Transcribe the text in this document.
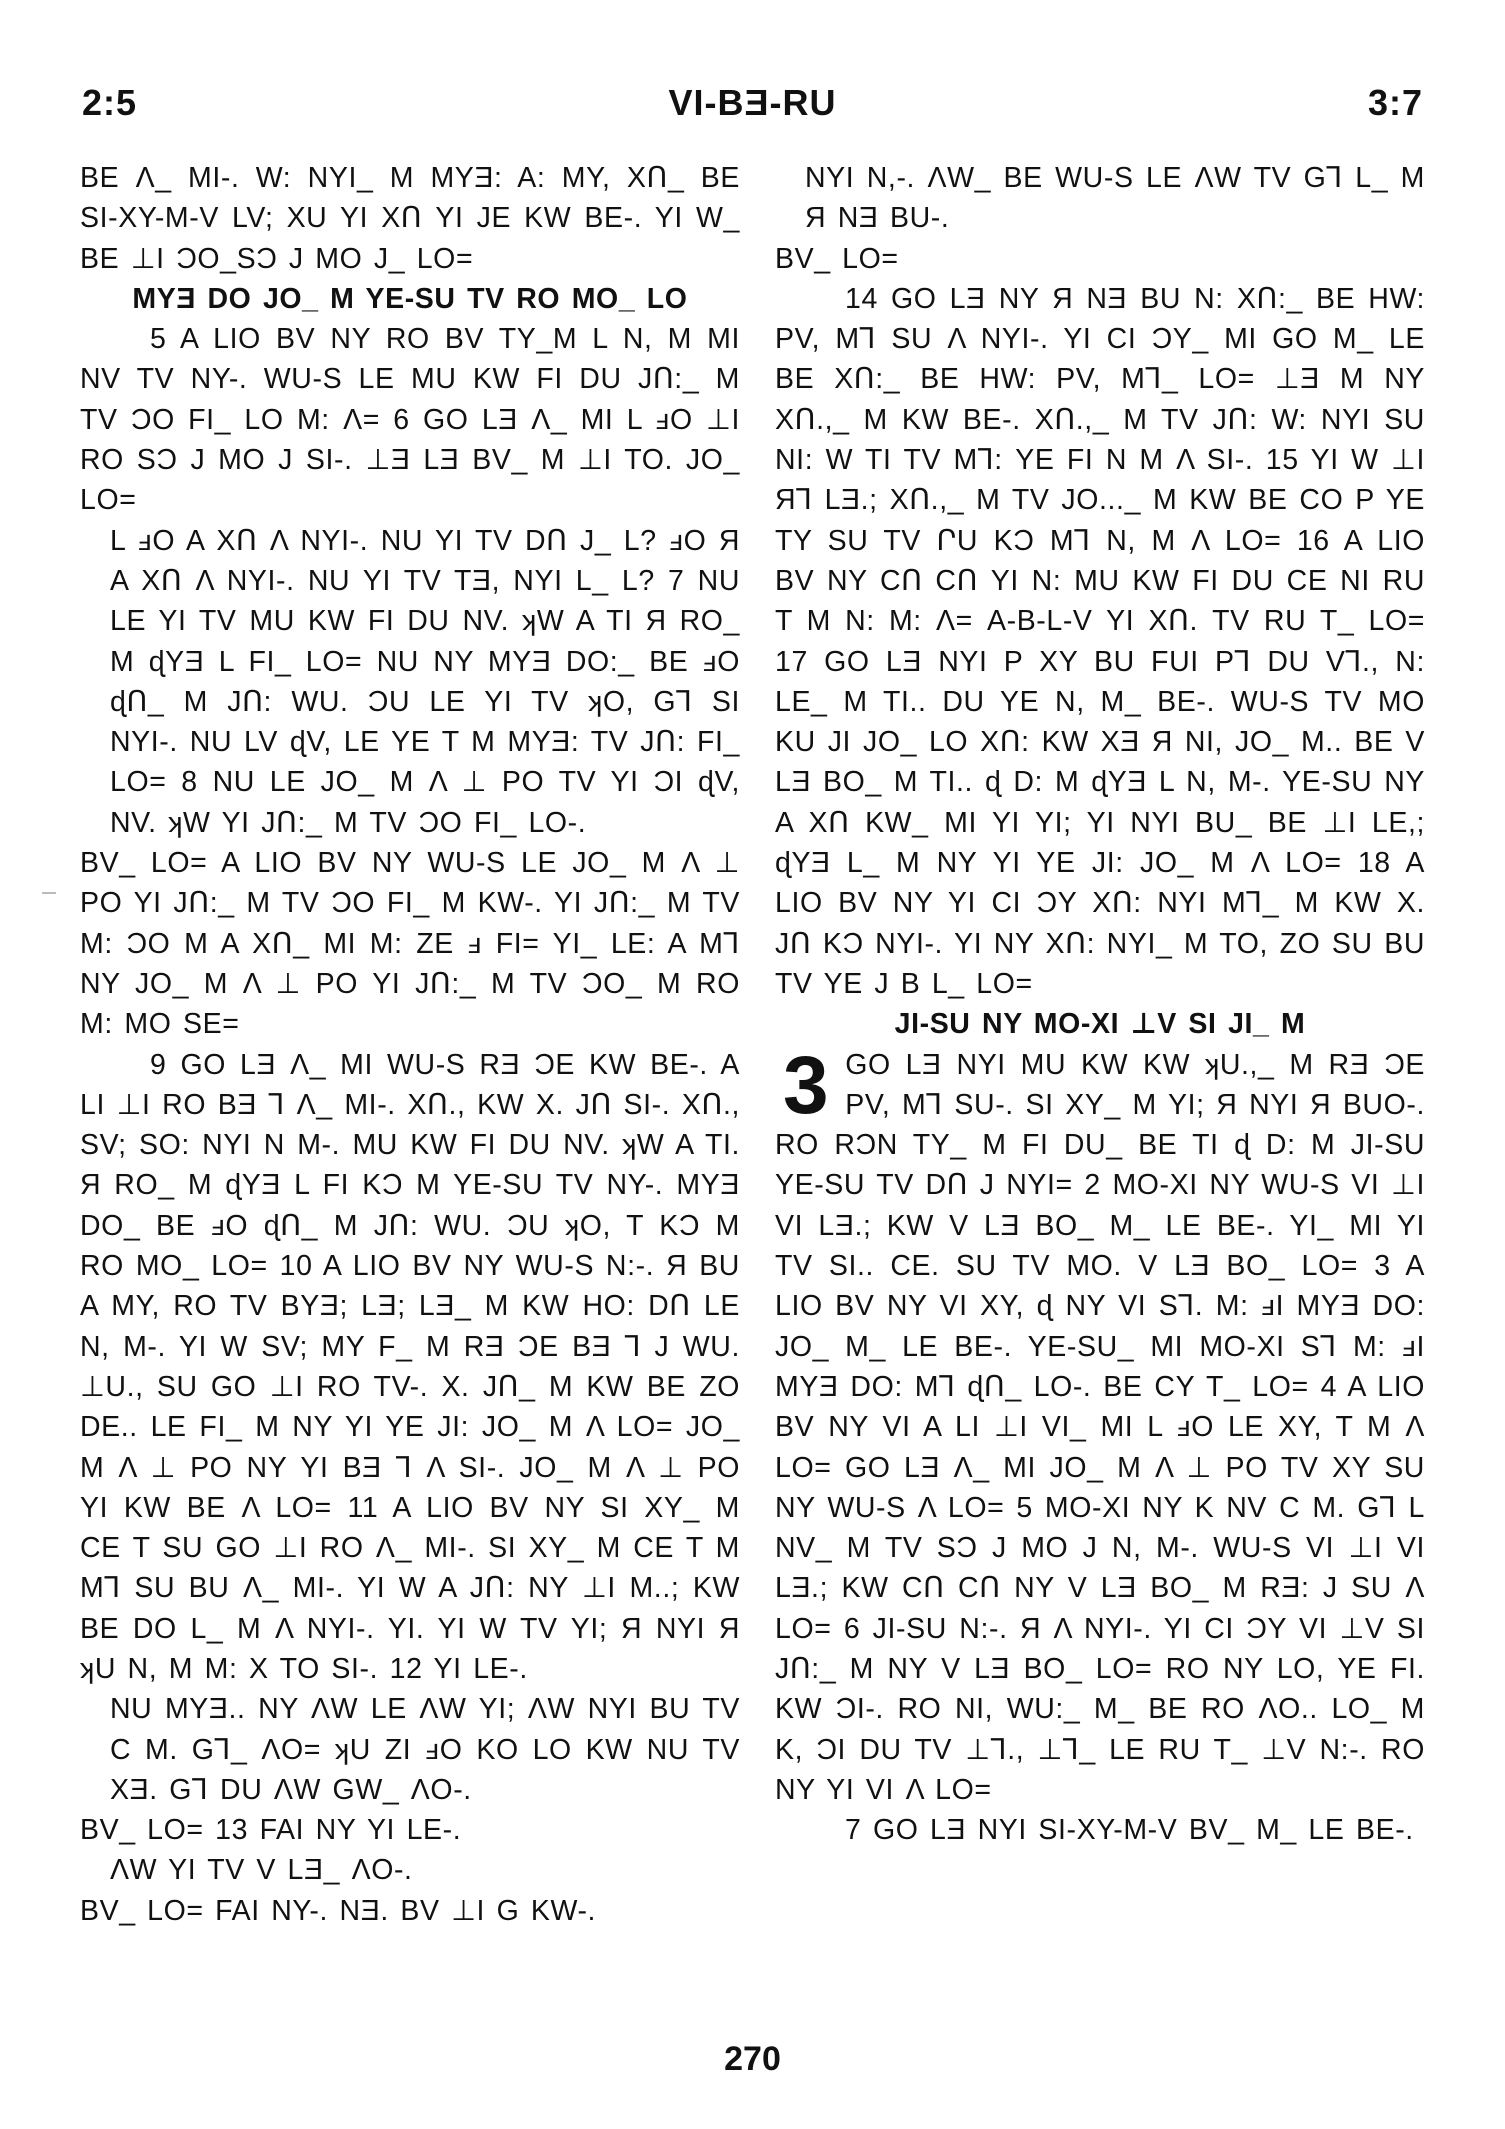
2:5	VI-BƎ-RU	3:7

BE Λ_ MI-. W: NYI_ M MYƎ: A: MY, XՈ_ BE SI-XY-M-V LV; XU YI XՈ YI JE KW BE-. YI W_ BE ⊥I ƆO_SƆ J MO J_ LO=

MYƎ DO JO_ M YE-SU TV RO MO_ LO

5 A LIO BV NY RO BV TY_M L N, M MI NV TV NY-. WU-S LE MU KW FI DU JՈ:_ M TV ƆO FI_ LO M: Λ= 6 GO LƎ Λ_ MI L ⅎO ⊥I RO SƆ J MO J SI-. ⊥Ǝ LƎ BV_ M ⊥I TO. JO_ LO=

L ⅎO A XՈ Λ NYI-. NU YI TV DՈ J_ L? ⅎO Я A XՈ Λ NYI-. NU YI TV TƎ, NYI L_ L? 7 NU LE YI TV MU KW FI DU NV. ʞW A TI Я RO_ M ɖYƎ L FI_ LO= NU NY MYƎ DO:_ BE ⅎO ɖՈ_ M JՈ: WU. ƆU LE YI TV ʞO, Gꓶ SI NYI-. NU LV ɖV, LE YE T M MYƎ: TV JՈ: FI_ LO= 8 NU LE JO_ M Λ ⊥ PO TV YI ƆI ɖV, NV. ʞW YI JՈ:_ M TV ƆO FI_ LO-.

BV_ LO= A LIO BV NY WU-S LE JO_ M Λ ⊥ PO YI JՈ:_ M TV ƆO FI_ M KW-. YI JՈ:_ M TV M: ƆO M A XՈ_ MI M: ZE ⅎ FI= YI_ LE: A Mꓶ NY JO_ M Λ ⊥ PO YI JՈ:_ M TV ƆO_ M RO M: MO SE=

9 GO LƎ Λ_ MI WU-S RƎ ƆE KW BE-. A LI ⊥I RO BƎ ꓶ Λ_ MI-. XՈ., KW X. JՈ SI-. XՈ., SV; SO: NYI N M-. MU KW FI DU NV. ʞW A TI. Я RO_ M ɖYƎ L FI KƆ M YE-SU TV NY-. MYƎ DO_ BE ⅎO ɖՈ_ M JՈ: WU. ƆU ʞO, T KƆ M RO MO_ LO= 10 A LIO BV NY WU-S N:-. Я BU A MY, RO TV BYƎ; LƎ; LƎ_ M KW HO: DՈ LE N, M-. YI W SV; MY F_ M RƎ ƆE BƎ ꓶ J WU. ⊥U., SU GO ⊥I RO TV-. X. JՈ_ M KW BE ZO DE.. LE FI_ M NY YI YE JI: JO_ M Λ LO= JO_ M Λ ⊥ PO NY YI BƎ ꓶ Λ SI-. JO_ M Λ ⊥ PO YI KW BE Λ LO= 11 A LIO BV NY SI XY_ M CE T SU GO ⊥I RO Λ_ MI-. SI XY_ M CE T M Mꓶ SU BU Λ_ MI-. YI W A JՈ: NY ⊥I M..; KW BE DO L_ M Λ NYI-. YI. YI W TV YI; Я NYI Я ʞU N, M M: X TO SI-. 12 YI LE-.

NU MYƎ.. NY ΛW LE ΛW YI; ΛW NYI BU TV C M. Gꓶ_ ΛO= ʞU ZI ⅎO KO LO KW NU TV XƎ. Gꓶ DU ΛW GW_ ΛO-.

BV_ LO= 13 FAI NY YI LE-.

ΛW YI TV V LƎ_ ΛO-.

BV_ LO= FAI NY-. NƎ. BV ⊥I G KW-.

NYI N,-. ΛW_ BE WU-S LE ΛW TV Gꓶ L_ M Я NƎ BU-.

BV_ LO=

14 GO LƎ NY Я NƎ BU N: XՈ:_ BE HW: PV, Mꓶ SU Λ NYI-. YI CI ƆY_ MI GO M_ LE BE XՈ:_ BE HW: PV, Mꓶ_ LO= ⊥Ǝ M NY XՈ.,_ M KW BE-. XՈ.,_ M TV JՈ: W: NYI SU NI: W TI TV Mꓶ: YE FI N M Λ SI-. 15 YI W ⊥I Яꓶ LƎ.; XՈ.,_ M TV JO..._ M KW BE CO P YE TY SU TV ՐU KƆ Mꓶ N, M Λ LO= 16 A LIO BV NY CՈ CՈ YI N: MU KW FI DU CE NI RU T M N: M: Λ= A-B-L-V YI XՈ. TV RU T_ LO= 17 GO LƎ NYI P XY BU FUI Pꓶ DU Vꓶ., N: LE_ M TI.. DU YE N, M_ BE-. WU-S TV MO KU JI JO_ LO XՈ: KW XƎ Я NI, JO_ M.. BE V LƎ BO_ M TI.. ɖ D: M ɖYƎ L N, M-. YE-SU NY A XՈ KW_ MI YI YI; YI NYI BU_ BE ⊥I LE,; ɖYƎ L_ M NY YI YE JI: JO_ M Λ LO= 18 A LIO BV NY YI CI ƆY XՈ: NYI Mꓶ_ M KW X. JՈ KƆ NYI-. YI NY XՈ: NYI_ M TO, ZO SU BU TV YE J B L_ LO=

JI-SU NY MO-XI ⊥V SI JI_ M

3 GO LƎ NYI MU KW KW ʞU.,_ M RƎ ƆE PV, Mꓶ SU-. SI XY_ M YI; Я NYI Я BUO-. RO RƆN TY_ M FI DU_ BE TI ɖ D: M JI-SU YE-SU TV DՈ J NYI= 2 MO-XI NY WU-S VI ⊥I VI LƎ.; KW V LƎ BO_ M_ LE BE-. YI_ MI YI TV SI.. CE. SU TV MO. V LƎ BO_ LO= 3 A LIO BV NY VI XY, ɖ NY VI Sꓶ. M: ⅎI MYƎ DO: JO_ M_ LE BE-. YE-SU_ MI MO-XI Sꓶ M: ⅎI MYƎ DO: Mꓶ ɖՈ_ LO-. BE CY T_ LO= 4 A LIO BV NY VI A LI ⊥I VI_ MI L ⅎO LE XY, T M Λ LO= GO LƎ Λ_ MI JO_ M Λ ⊥ PO TV XY SU NY WU-S Λ LO= 5 MO-XI NY K NV C M. Gꓶ L NV_ M TV SƆ J MO J N, M-. WU-S VI ⊥I VI LƎ.; KW CՈ CՈ NY V LƎ BO_ M RƎ: J SU Λ LO= 6 JI-SU N:-. Я Λ NYI-. YI CI ƆY VI ⊥V SI JՈ:_ M NY V LƎ BO_ LO= RO NY LO, YE FI. KW ƆI-. RO NI, WU:_ M_ BE RO ΛO.. LO_ M K, ƆI DU TV ⊥ꓶ., ⊥ꓶ_ LE RU T_ ⊥V N:-. RO NY YI VI Λ LO=

7 GO LƎ NYI SI-XY-M-V BV_ M_ LE BE-.

270
